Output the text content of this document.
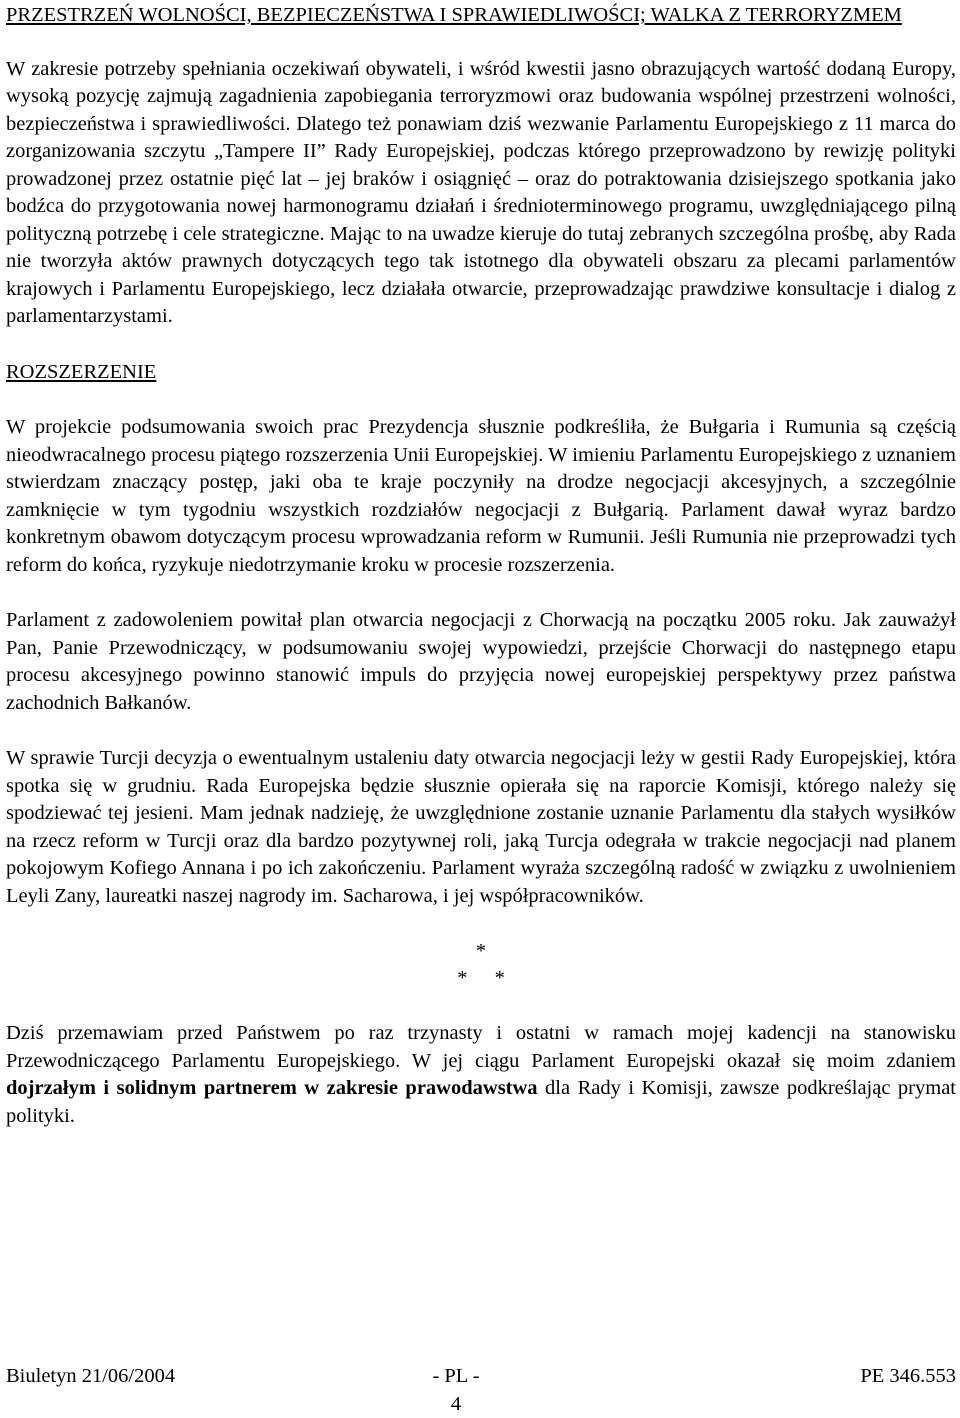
PRZESTRZEŃ WOLNOŚCI, BEZPIECZEŃSTWA I SPRAWIEDLIWOŚCI; WALKA Z TERRORYZMEM

W zakresie potrzeby spełniania oczekiwań obywateli, i wśród kwestii jasno obrazujących wartość dodaną Europy, wysoką pozycję zajmują zagadnienia zapobiegania terroryzmowi oraz budowania wspólnej przestrzeni wolności, bezpieczeństwa i sprawiedliwości. Dlatego też ponawiam dziś wezwanie Parlamentu Europejskiego z 11 marca do zorganizowania szczytu „Tampere II” Rady Europejskiej, podczas którego przeprowadzono by rewizję polityki prowadzonej przez ostatnie pięć lat – jej braków i osiągnięć – oraz do potraktowania dzisiejszego spotkania jako bodźca do przygotowania nowej harmonogramu działań i średnioterminowego programu, uwzględniającego pilną polityczną potrzebę i cele strategiczne. Mając to na uwadze kieruje do tutaj zebranych szczególna prośbę, aby Rada nie tworzyła aktów prawnych dotyczących tego tak istotnego dla obywateli obszaru za plecami parlamentów krajowych i Parlamentu Europejskiego, lecz działała otwarcie, przeprowadzając prawdziwe konsultacje i dialog z parlamentarzystami.

ROZSZERZENIE

W projekcie podsumowania swoich prac Prezydencja słusznie podkreśliła, że Bułgaria i Rumunia są częścią nieodwracalnego procesu piątego rozszerzenia Unii Europejskiej. W imieniu Parlamentu Europejskiego z uznaniem stwierdzam znaczący postęp, jaki oba te kraje poczyniły na drodze negocjacji akcesyjnych, a szczególnie zamknięcie w tym tygodniu wszystkich rozdziałów negocjacji z Bułgarią. Parlament dawał wyraz bardzo konkretnym obawom dotyczącym procesu wprowadzania reform w Rumunii. Jeśli Rumunia nie przeprowadzi tych reform do końca, ryzykuje niedotrzymanie kroku w procesie rozszerzenia.

Parlament z zadowoleniem powitał plan otwarcia negocjacji z Chorwacją na początku 2005 roku. Jak zauważył Pan, Panie Przewodniczący, w podsumowaniu swojej wypowiedzi, przejście Chorwacji do następnego etapu procesu akcesyjnego powinno stanowić impuls do przyjęcia nowej europejskiej perspektywy przez państwa zachodnich Bałkanów.

W sprawie Turcji decyzja o ewentualnym ustaleniu daty otwarcia negocjacji leży w gestii Rady Europejskiej, która spotka się w grudniu. Rada Europejska będzie słusznie opierała się na raporcie Komisji, którego należy się spodziewać tej jesieni. Mam jednak nadzieję, że uwzględnione zostanie uznanie Parlamentu dla stałych wysiłków na rzecz reform w Turcji oraz dla bardzo pozytywnej roli, jaką Turcja odegrała w trakcie negocjacji nad planem pokojowym Kofiego Annana i po ich zakończeniu. Parlament wyraża szczególną radość w związku z uwolnieniem Leyli Zany, laureatki naszej nagrody im. Sacharowa, i jej współpracowników.

*
* *

Dziś przemawiam przed Państwem po raz trzynasty i ostatni w ramach mojej kadencji na stanowisku Przewodniczącego Parlamentu Europejskiego. W jej ciągu Parlament Europejski okazał się moim zdaniem dojrzałym i solidnym partnerem w zakresie prawodawstwa dla Rady i Komisji, zawsze podkreślając prymat polityki.

Biuletyn 21/06/2004	- PL -
4
PE 346.553
